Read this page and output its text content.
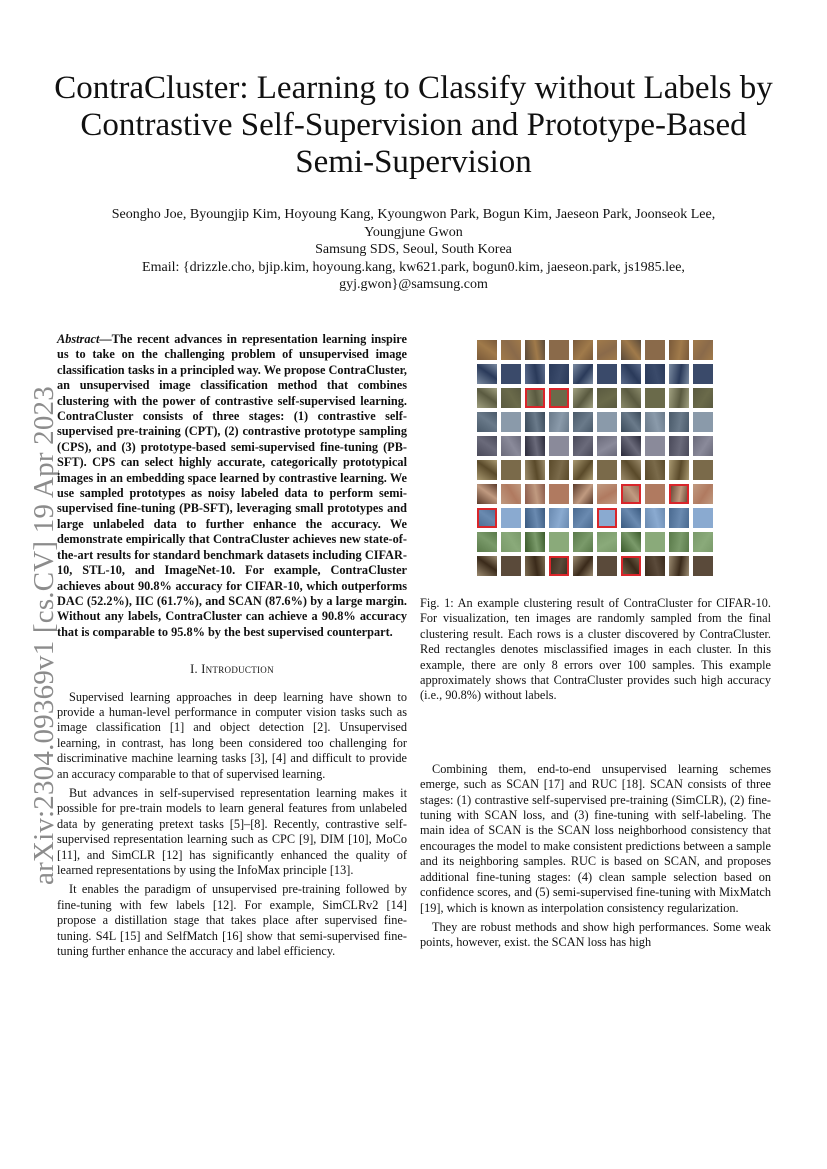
arXiv:2304.09369v1 [cs.CV] 19 Apr 2023
ContraCluster: Learning to Classify without Labels by Contrastive Self-Supervision and Prototype-Based Semi-Supervision
Seongho Joe, Byoungjip Kim, Hoyoung Kang, Kyoungwon Park, Bogun Kim, Jaeseon Park, Joonseok Lee,
Youngjune Gwon
Samsung SDS, Seoul, South Korea
Email: {drizzle.cho, bjip.kim, hoyoung.kang, kw621.park, bogun0.kim, jaeseon.park, js1985.lee,
gyj.gwon}@samsung.com

Abstract—The recent advances in representation learning inspire us to take on the challenging problem of unsupervised image classification tasks in a principled way. We propose ContraCluster, an unsupervised image classification method that combines clustering with the power of contrastive self-supervised learning. ContraCluster consists of three stages: (1) contrastive self-supervised pre-training (CPT), (2) contrastive prototype sampling (CPS), and (3) prototype-based semi-supervised fine-tuning (PB-SFT). CPS can select highly accurate, categorically prototypical images in an embedding space learned by contrastive learning. We use sampled prototypes as noisy labeled data to perform semi-supervised fine-tuning (PB-SFT), leveraging small prototypes and large unlabeled data to further enhance the accuracy. We demonstrate empirically that ContraCluster achieves new state-of-the-art results for standard benchmark datasets including CIFAR-10, STL-10, and ImageNet-10. For example, ContraCluster achieves about 90.8% accuracy for CIFAR-10, which outperforms DAC (52.2%), IIC (61.7%), and SCAN (87.6%) by a large margin. Without any labels, ContraCluster can achieve a 90.8% accuracy that is comparable to 95.8% by the best supervised counterpart.

I. Introduction

Supervised learning approaches in deep learning have shown to provide a human-level performance in computer vision tasks such as image classification [1] and object detection [2]. Unsupervised learning, in contrast, has long been considered too challenging for discriminative machine learning tasks [3], [4] and difficult to provide an accuracy comparable to that of supervised learning.

But advances in self-supervised representation learning makes it possible for pre-train models to learn general features from unlabeled data by generating pretext tasks [5]–[8]. Recently, contrastive self-supervised representation learning such as CPC [9], DIM [10], MoCo [11], and SimCLR [12] has significantly enhanced the quality of learned representations by using the InfoMax principle [13].

It enables the paradigm of unsupervised pre-training followed by fine-tuning with few labels [12]. For example, SimCLRv2 [14] propose a distillation stage that takes place after supervised fine-tuning. S4L [15] and SelfMatch [16] show that semi-supervised fine-tuning further enhance the accuracy and label efficiency.

Fig. 1: An example clustering result of ContraCluster for CIFAR-10. For visualization, ten images are randomly sampled from the final clustering result. Each rows is a cluster discovered by ContraCluster. Red rectangles denotes misclassified images in each cluster. In this example, there are only 8 errors over 100 samples. This example approximately shows that ContraCluster provides such high accuracy (i.e., 90.8%) without labels.

Combining them, end-to-end unsupervised learning schemes emerge, such as SCAN [17] and RUC [18]. SCAN consists of three stages: (1) contrastive self-supervised pre-training (SimCLR), (2) fine-tuning with SCAN loss, and (3) fine-tuning with self-labeling. The main idea of SCAN is the SCAN loss neighborhood consistency that encourages the model to make consistent predictions between a sample and its neighboring samples. RUC is based on SCAN, and proposes additional fine-tuning stages: (4) clean sample selection based on confidence scores, and (5) semi-supervised fine-tuning with MixMatch [19], which is known as interpolation consistency regularization.

They are robust methods and show high performances. Some weak points, however, exist. the SCAN loss has high
